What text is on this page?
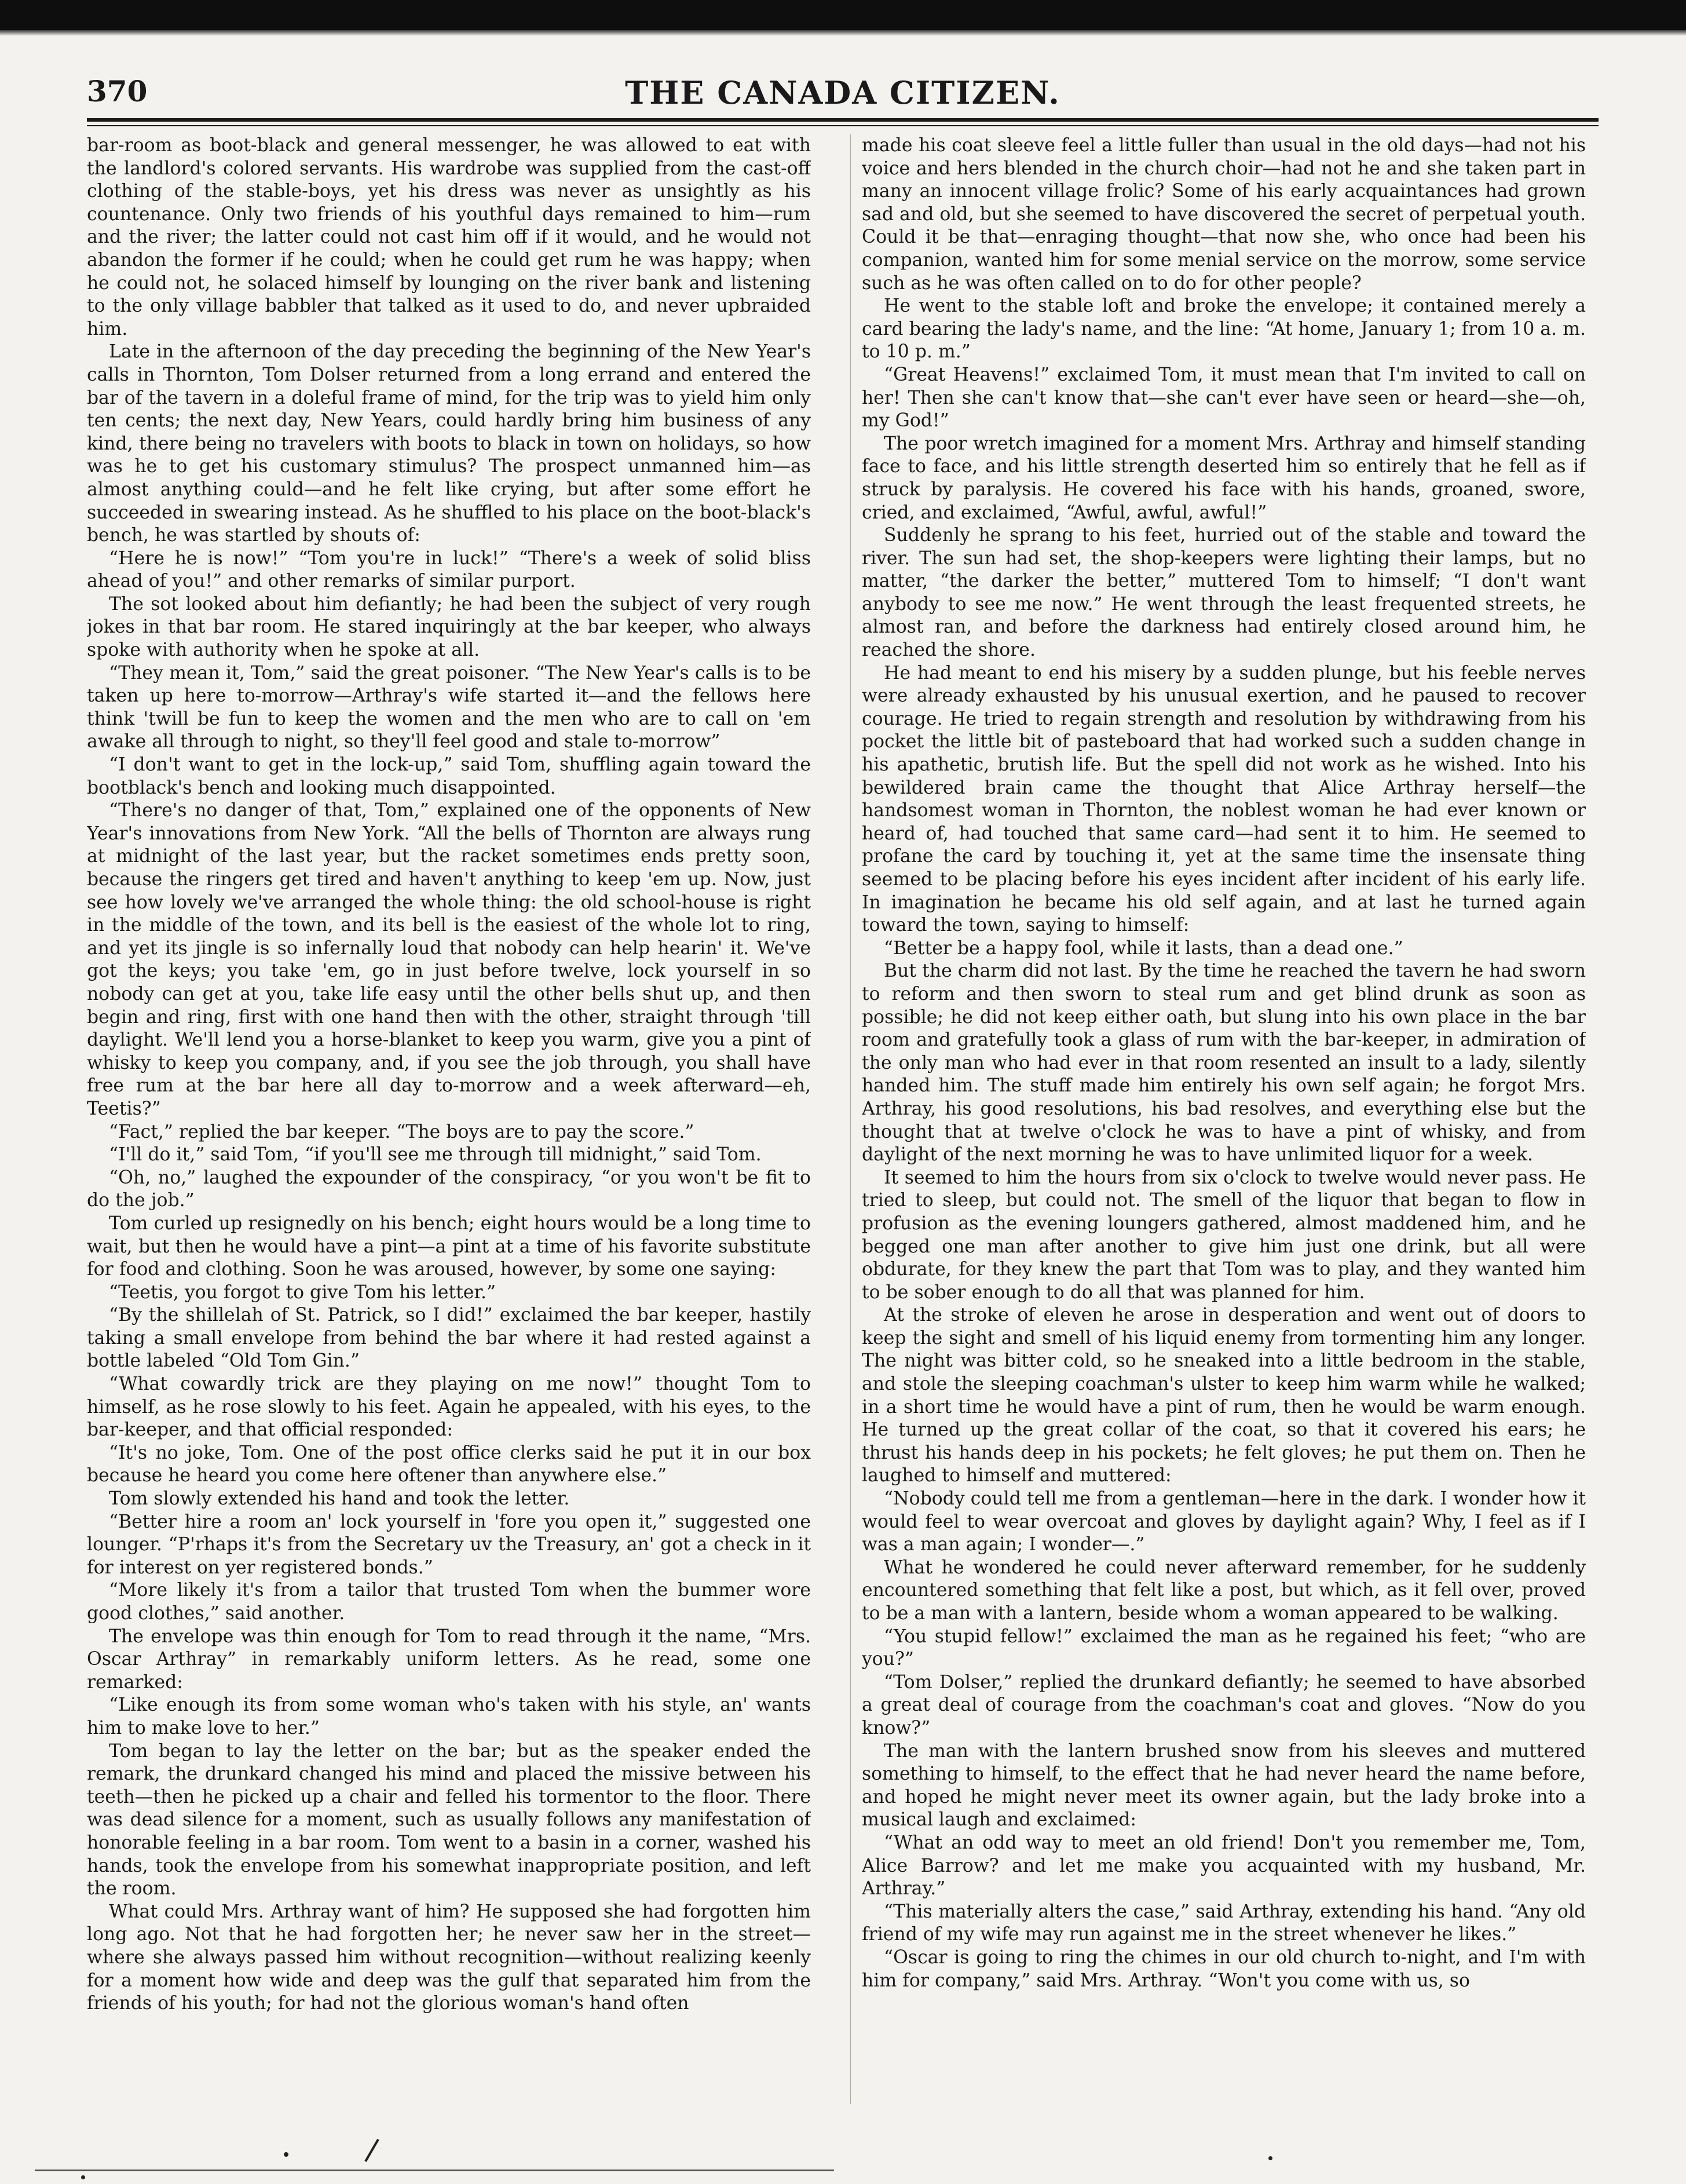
370	THE CANADA CITIZEN.

bar-room as boot-black and general messenger, he was allowed to eat with the landlord's colored servants. His wardrobe was supplied from the cast-off clothing of the stable-boys, yet his dress was never as unsightly as his countenance. Only two friends of his youthful days remained to him—rum and the river; the latter could not cast him off if it would, and he would not abandon the former if he could; when he could get rum he was happy; when he could not, he solaced himself by lounging on the river bank and listening to the only village babbler that talked as it used to do, and never upbraided him.

Late in the afternoon of the day preceding the beginning of the New Year's calls in Thornton, Tom Dolser returned from a long errand and entered the bar of the tavern in a doleful frame of mind, for the trip was to yield him only ten cents; the next day, New Years, could hardly bring him business of any kind, there being no travelers with boots to black in town on holidays, so how was he to get his customary stimulus? The prospect unmanned him—as almost anything could—and he felt like crying, but after some effort he succeeded in swearing instead. As he shuffled to his place on the boot-black's bench, he was startled by shouts of:

“Here he is now!” “Tom you're in luck!” “There's a week of solid bliss ahead of you!” and other remarks of similar purport.

The sot looked about him defiantly; he had been the subject of very rough jokes in that bar room. He stared inquiringly at the bar keeper, who always spoke with authority when he spoke at all.

“They mean it, Tom,” said the great poisoner. “The New Year's calls is to be taken up here to-morrow—Arthray's wife started it—and the fellows here think 'twill be fun to keep the women and the men who are to call on 'em awake all through to night, so they'll feel good and stale to-morrow”

“I don't want to get in the lock-up,” said Tom, shuffling again toward the bootblack's bench and looking much disappointed.

“There's no danger of that, Tom,” explained one of the opponents of New Year's innovations from New York. “All the bells of Thornton are always rung at midnight of the last year, but the racket sometimes ends pretty soon, because the ringers get tired and haven't anything to keep 'em up. Now, just see how lovely we've arranged the whole thing: the old school-house is right in the middle of the town, and its bell is the easiest of the whole lot to ring, and yet its jingle is so infernally loud that nobody can help hearin' it. We've got the keys; you take 'em, go in just before twelve, lock yourself in so nobody can get at you, take life easy until the other bells shut up, and then begin and ring, first with one hand then with the other, straight through 'till daylight. We'll lend you a horse-blanket to keep you warm, give you a pint of whisky to keep you company, and, if you see the job through, you shall have free rum at the bar here all day to-morrow and a week afterward—eh, Teetis?”

“Fact,” replied the bar keeper. “The boys are to pay the score.”

“I'll do it,” said Tom, “if you'll see me through till midnight,” said Tom.

“Oh, no,” laughed the expounder of the conspiracy, “or you won't be fit to do the job.”

Tom curled up resignedly on his bench; eight hours would be a long time to wait, but then he would have a pint—a pint at a time of his favorite substitute for food and clothing. Soon he was aroused, however, by some one saying:

“Teetis, you forgot to give Tom his letter.”

“By the shillelah of St. Patrick, so I did!” exclaimed the bar keeper, hastily taking a small envelope from behind the bar where it had rested against a bottle labeled “Old Tom Gin.”

“What cowardly trick are they playing on me now!” thought Tom to himself, as he rose slowly to his feet. Again he appealed, with his eyes, to the bar-keeper, and that official responded:

“It's no joke, Tom. One of the post office clerks said he put it in our box because he heard you come here oftener than anywhere else.”

Tom slowly extended his hand and took the letter.

“Better hire a room an' lock yourself in 'fore you open it,” suggested one lounger. “P'rhaps it's from the Secretary uv the Treasury, an' got a check in it for interest on yer registered bonds.”

“More likely it's from a tailor that trusted Tom when the bummer wore good clothes,” said another.

The envelope was thin enough for Tom to read through it the name, “Mrs. Oscar Arthray” in remarkably uniform letters. As he read, some one remarked:

“Like enough its from some woman who's taken with his style, an' wants him to make love to her.”

Tom began to lay the letter on the bar; but as the speaker ended the remark, the drunkard changed his mind and placed the missive between his teeth—then he picked up a chair and felled his tormentor to the floor. There was dead silence for a moment, such as usually follows any manifestation of honorable feeling in a bar room. Tom went to a basin in a corner, washed his hands, took the envelope from his somewhat inappropriate position, and left the room.

What could Mrs. Arthray want of him? He supposed she had forgotten him long ago. Not that he had forgotten her; he never saw her in the street—where she always passed him without recognition—without realizing keenly for a moment how wide and deep was the gulf that separated him from the friends of his youth; for had not the glorious woman's hand often

made his coat sleeve feel a little fuller than usual in the old days—had not his voice and hers blended in the church choir—had not he and she taken part in many an innocent village frolic? Some of his early acquaintances had grown sad and old, but she seemed to have discovered the secret of perpetual youth. Could it be that—enraging thought—that now she, who once had been his companion, wanted him for some menial service on the morrow, some service such as he was often called on to do for other people?

He went to the stable loft and broke the envelope; it contained merely a card bearing the lady's name, and the line: “At home, January 1; from 10 a. m. to 10 p. m.”

“Great Heavens!” exclaimed Tom, it must mean that I'm invited to call on her! Then she can't know that—she can't ever have seen or heard—she—oh, my God!”

The poor wretch imagined for a moment Mrs. Arthray and himself standing face to face, and his little strength deserted him so entirely that he fell as if struck by paralysis. He covered his face with his hands, groaned, swore, cried, and exclaimed, “Awful, awful, awful!”

Suddenly he sprang to his feet, hurried out of the stable and toward the river. The sun had set, the shop-keepers were lighting their lamps, but no matter, “the darker the better,” muttered Tom to himself; “I don't want anybody to see me now.” He went through the least frequented streets, he almost ran, and before the darkness had entirely closed around him, he reached the shore.

He had meant to end his misery by a sudden plunge, but his feeble nerves were already exhausted by his unusual exertion, and he paused to recover courage. He tried to regain strength and resolution by withdrawing from his pocket the little bit of pasteboard that had worked such a sudden change in his apathetic, brutish life. But the spell did not work as he wished. Into his bewildered brain came the thought that Alice Arthray herself—the handsomest woman in Thornton, the noblest woman he had ever known or heard of, had touched that same card—had sent it to him. He seemed to profane the card by touching it, yet at the same time the insensate thing seemed to be placing before his eyes incident after incident of his early life. In imagination he became his old self again, and at last he turned again toward the town, saying to himself:

“Better be a happy fool, while it lasts, than a dead one.”

But the charm did not last. By the time he reached the tavern he had sworn to reform and then sworn to steal rum and get blind drunk as soon as possible; he did not keep either oath, but slung into his own place in the bar room and gratefully took a glass of rum with the bar-keeper, in admiration of the only man who had ever in that room resented an insult to a lady, silently handed him. The stuff made him entirely his own self again; he forgot Mrs. Arthray, his good resolutions, his bad resolves, and everything else but the thought that at twelve o'clock he was to have a pint of whisky, and from daylight of the next morning he was to have unlimited liquor for a week.

It seemed to him the hours from six o'clock to twelve would never pass. He tried to sleep, but could not. The smell of the liquor that began to flow in profusion as the evening loungers gathered, almost maddened him, and he begged one man after another to give him just one drink, but all were obdurate, for they knew the part that Tom was to play, and they wanted him to be sober enough to do all that was planned for him.

At the stroke of eleven he arose in desperation and went out of doors to keep the sight and smell of his liquid enemy from tormenting him any longer. The night was bitter cold, so he sneaked into a little bedroom in the stable, and stole the sleeping coachman's ulster to keep him warm while he walked; in a short time he would have a pint of rum, then he would be warm enough. He turned up the great collar of the coat, so that it covered his ears; he thrust his hands deep in his pockets; he felt gloves; he put them on. Then he laughed to himself and muttered:

“Nobody could tell me from a gentleman—here in the dark. I wonder how it would feel to wear overcoat and gloves by daylight again? Why, I feel as if I was a man again; I wonder—.”

What he wondered he could never afterward remember, for he suddenly encountered something that felt like a post, but which, as it fell over, proved to be a man with a lantern, beside whom a woman appeared to be walking.

“You stupid fellow!” exclaimed the man as he regained his feet; “who are you?”

“Tom Dolser,” replied the drunkard defiantly; he seemed to have absorbed a great deal of courage from the coachman's coat and gloves. “Now do you know?”

The man with the lantern brushed snow from his sleeves and muttered something to himself, to the effect that he had never heard the name before, and hoped he might never meet its owner again, but the lady broke into a musical laugh and exclaimed:

“What an odd way to meet an old friend! Don't you remember me, Tom, Alice Barrow? and let me make you acquainted with my husband, Mr. Arthray.”

“This materially alters the case,” said Arthray, extending his hand. “Any old friend of my wife may run against me in the street whenever he likes.”

“Oscar is going to ring the chimes in our old church to-night, and I'm with him for company,” said Mrs. Arthray. “Won't you come with us, so
